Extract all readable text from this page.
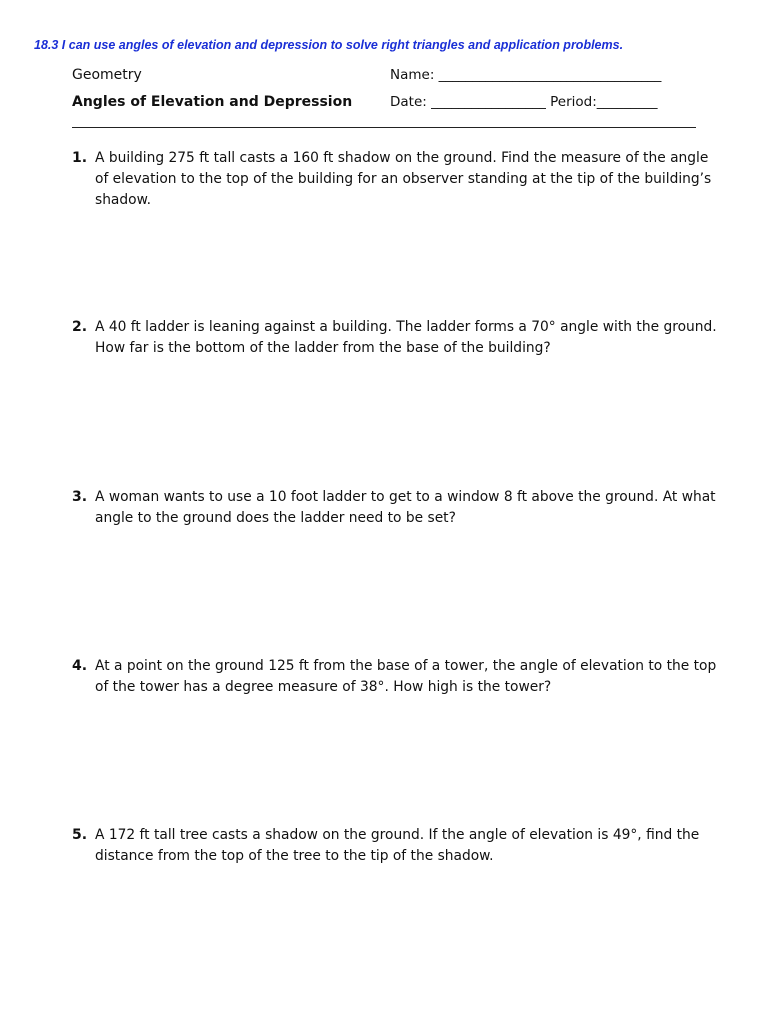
18.3 I can use angles of elevation and depression to solve right triangles and application problems.
Geometry
Angles of Elevation and Depression
Name: _________________________________
Date: _________________ Period:_________
1. A building 275 ft tall casts a 160 ft shadow on the ground. Find the measure of the angle of elevation to the top of the building for an observer standing at the tip of the building’s shadow.
2. A 40 ft ladder is leaning against a building. The ladder forms a 70° angle with the ground. How far is the bottom of the ladder from the base of the building?
3. A woman wants to use a 10 foot ladder to get to a window 8 ft above the ground. At what angle to the ground does the ladder need to be set?
4. At a point on the ground 125 ft from the base of a tower, the angle of elevation to the top of the tower has a degree measure of 38°. How high is the tower?
5. A 172 ft tall tree casts a shadow on the ground. If the angle of elevation is 49°, find the distance from the top of the tree to the tip of the shadow.
